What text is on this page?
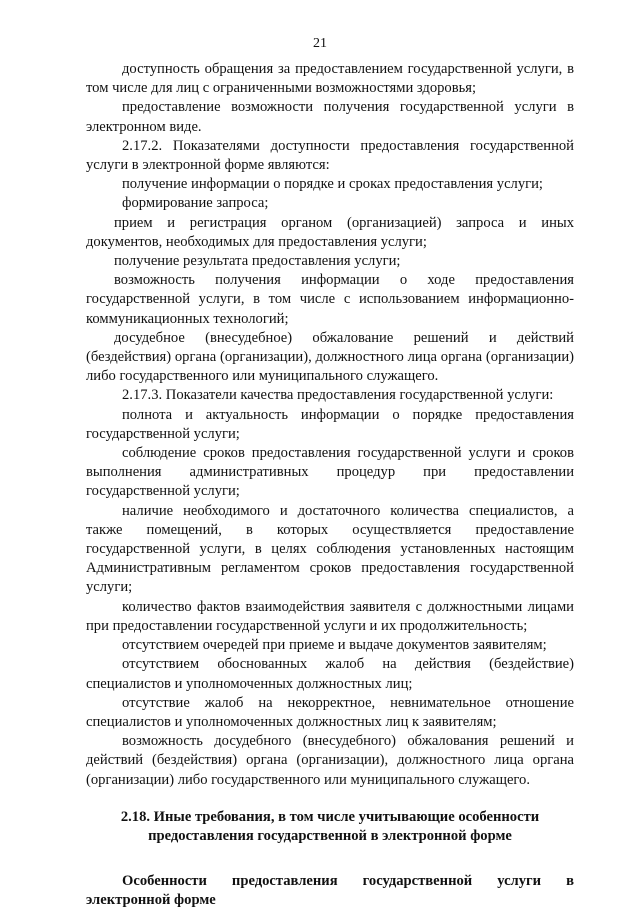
21

доступность обращения за предоставлением государственной услуги, в том числе для лиц с ограниченными возможностями здоровья;

предоставление возможности получения государственной услуги в электронном виде.

2.17.2. Показателями доступности предоставления государственной услуги в электронной форме являются:

получение информации о порядке и сроках предоставления услуги;

формирование запроса;

прием и регистрация органом (организацией) запроса и иных документов, необходимых для предоставления услуги;

получение результата предоставления услуги;

возможность получения информации о ходе предоставления государственной услуги, в том числе с использованием информационно-коммуникационных технологий;

досудебное (внесудебное) обжалование решений и действий (бездействия) органа (организации), должностного лица органа (организации) либо государственного или муниципального служащего.

2.17.3. Показатели качества предоставления государственной услуги:

полнота и актуальность информации о порядке предоставления государственной услуги;

соблюдение сроков предоставления государственной услуги и сроков выполнения административных процедур при предоставлении государственной услуги;

наличие необходимого и достаточного количества специалистов, а также помещений, в которых осуществляется предоставление государственной услуги, в целях соблюдения установленных настоящим Административным регламентом сроков предоставления государственной услуги;

количество фактов взаимодействия заявителя с должностными лицами при предоставлении государственной услуги и их продолжительность;

отсутствием очередей при приеме и выдаче документов заявителям;

отсутствием обоснованных жалоб на действия (бездействие) специалистов и уполномоченных должностных лиц;

отсутствие жалоб на некорректное, невнимательное отношение специалистов и уполномоченных должностных лиц к заявителям;

возможность досудебного (внесудебного) обжалования решений и действий (бездействия) органа (организации), должностного лица органа (организации) либо государственного или муниципального служащего.

2.18. Иные требования, в том числе учитывающие особенности предоставления государственной в электронной форме

Особенности предоставления государственной услуги в электронной форме
